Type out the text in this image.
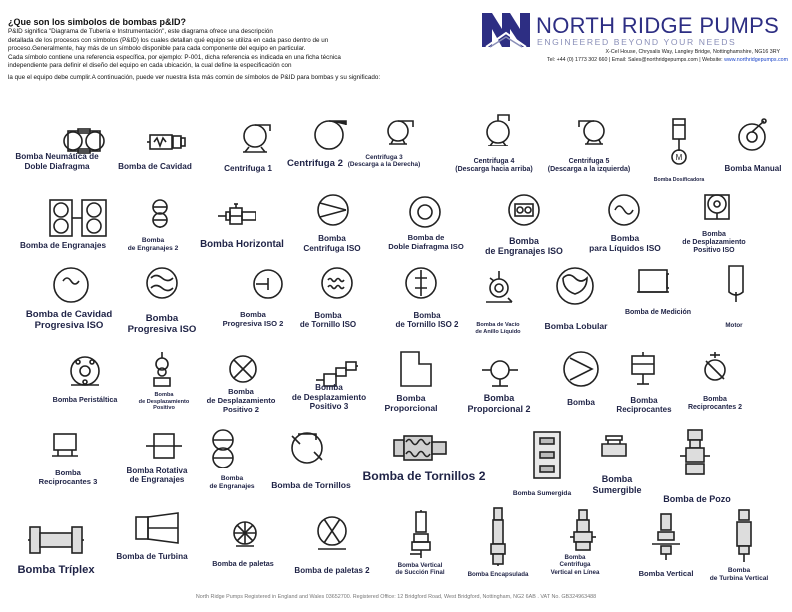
¿Que son los simbolos de bombas p&ID?

P&ID significa "Diagrama de Tubería e Instrumentación", este diagrama ofrece una descripción

detallada de los procesos con símbolos (P&ID) los cuales detallan qué equipo se utiliza en cada paso dentro de un

proceso.Generalmente, hay más de un símbolo disponible para cada componente del equipo en particular.

Cada símbolo contiene una referencia específica, por ejemplo: P-001, dicha referencia es indicada en una ficha técnica

independiente para definir el diseño del equipo en cada ubicación, la cual define la especificación con

la que el equipo debe cumplir.A continuación, puede ver nuestra lista más común de símbolos de P&ID para bombas y su significado:

NORTH RIDGE PUMPS
ENGINEERED BEYOND YOUR NEEDS
X-Cel House, Chrysalis Way, Langley Bridge, Nottinghamshire, NG16 3RY
Tel: +44 (0) 1773 302 660 | Email: Sales@northridgepumps.com | Website: www.northridgepumps.com
Bomba Neumática de
Doble Diafragma	Bomba de Cavidad	Centrifuga 1 Centrifuga 2
Centrifuga 3
(Descarga a la Derecha)	Centrifuga 4
(Descarga hacia arriba)
Centrifuga 5
(Descarga a la izquierda)
M
Bomba Dosificadora
Bomba Manual
Bomba de Engranajes
Bomba
de Engranajes 2 Bomba Horizontal
Bomba
Centrifuga ISO
Bomba de
Doble Diafragma ISO
Bomba
de Engranajes ISO
Bomba
para Líquidos ISO
Bomba
de Desplazamiento
Positivo ISO
Bomba de Cavidad
Progresiva ISO
Bomba
Progresiva ISO
Bomba
Progresiva ISO 2
Bomba
de Tornillo ISO
Bomba
de Tornillo ISO 2	Bomba de Vacío
de Anillo Líquido
Bomba Lobular
Bomba de Medición
Motor
Bomba Peristáltica	Bomba
de Desplazamiento
Positivo
Bomba
de Desplazamiento
Positivo 2
Bomba
de Desplazamiento
Positivo 3
Bomba
Proporcional
Bomba
Proporcional 2
Bomba	Bomba
Reciprocantes
Bomba
Reciprocantes 2
Bomba
Reciprocantes 3
Bomba Rotativa
de Engranajes	Bomba
de Engranajes Bomba de Tornillos
Bomba de Tornillos 2
Bomba Sumergida
Bomba
Sumergible
Bomba de Pozo
Bomba Tríplex
Bomba de Turbina
Bomba de paletas
Bomba de paletas 2
Bomba Vertical
de Succión Final	Bomba Encapsulada
Bomba
Centrifuga
Vertical en Línea	Bomba Vertical	Bomba
de Turbina Vertical
North Ridge Pumps Registered in England and Wales 03652700. Registered Office: 12 Bridgford Road, West Bridgford, Nottingham, NG2 6AB . VAT No. GB324963488
